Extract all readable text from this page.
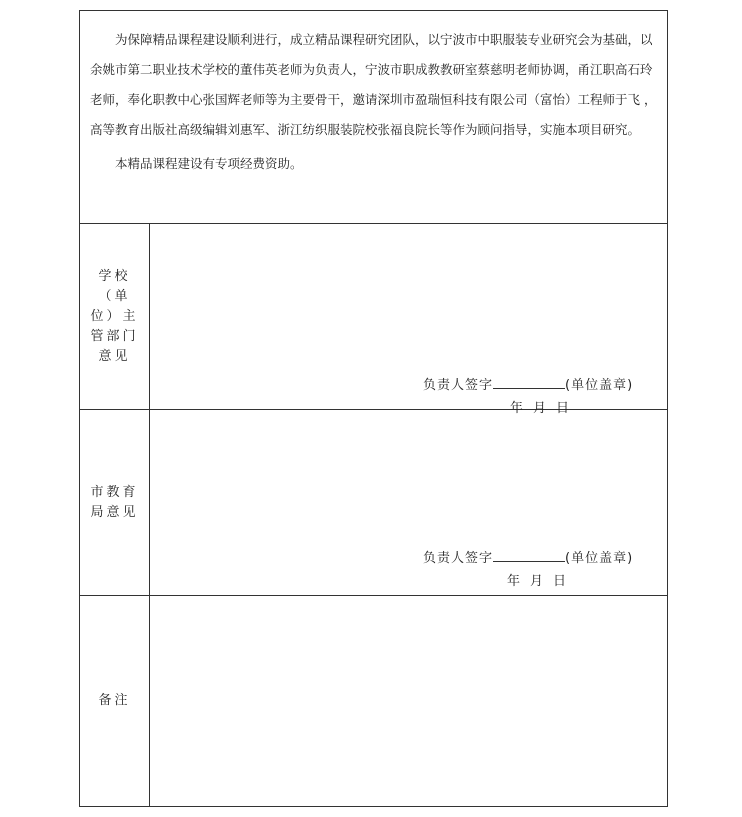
为保障精品课程建设顺利进行，成立精品课程研究团队，以宁波市中职服装专业研究会为基础，以余姚市第二职业技术学校的董伟英老师为负责人，宁波市职成教教研室蔡慈明老师协调，甬江职高石玲老师，奉化职教中心张国辉老师等为主要骨干，邀请深圳市盈瑞恒科技有限公司（富怡）工程师于飞 ，高等教育出版社高级编辑刘惠军、浙江纺织服装院校张福良院长等作为顾问指导，实施本项目研究。

本精品课程建设有专项经费资助。

学校（单位）主管部门意见
负责人签字	(单位盖章)
年 月 日
市教育局意见
负责人签字	(单位盖章)
年 月 日
备注
